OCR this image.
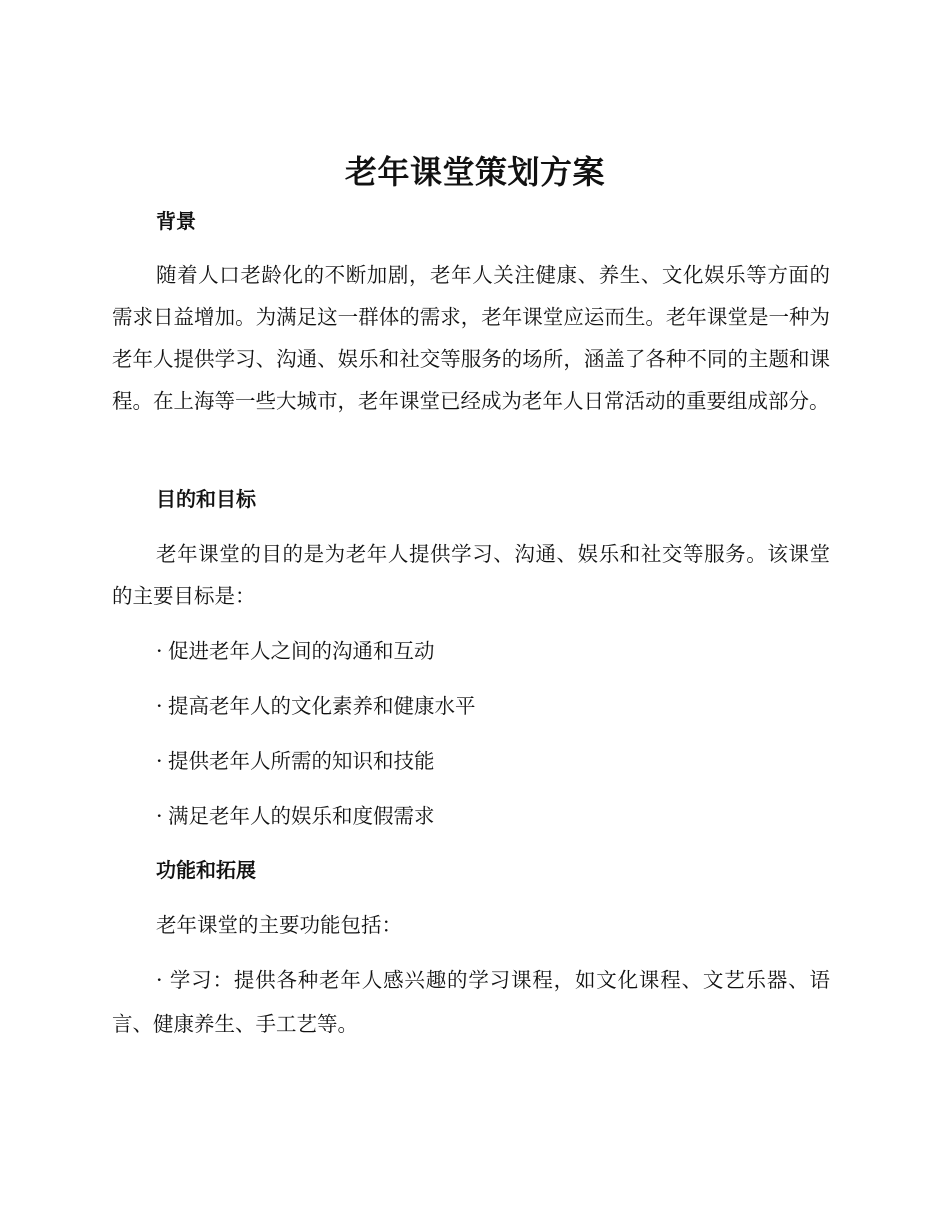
老年课堂策划方案
背景
随着人口老龄化的不断加剧，老年人关注健康、养生、文化娱乐等方面的需求日益增加。为满足这一群体的需求，老年课堂应运而生。老年课堂是一种为老年人提供学习、沟通、娱乐和社交等服务的场所，涵盖了各种不同的主题和课程。在上海等一些大城市，老年课堂已经成为老年人日常活动的重要组成部分。
目的和目标
老年课堂的目的是为老年人提供学习、沟通、娱乐和社交等服务。该课堂的主要目标是：
· 促进老年人之间的沟通和互动
· 提高老年人的文化素养和健康水平
· 提供老年人所需的知识和技能
· 满足老年人的娱乐和度假需求
功能和拓展
老年课堂的主要功能包括：
· 学习：提供各种老年人感兴趣的学习课程，如文化课程、文艺乐器、语言、健康养生、手工艺等。
